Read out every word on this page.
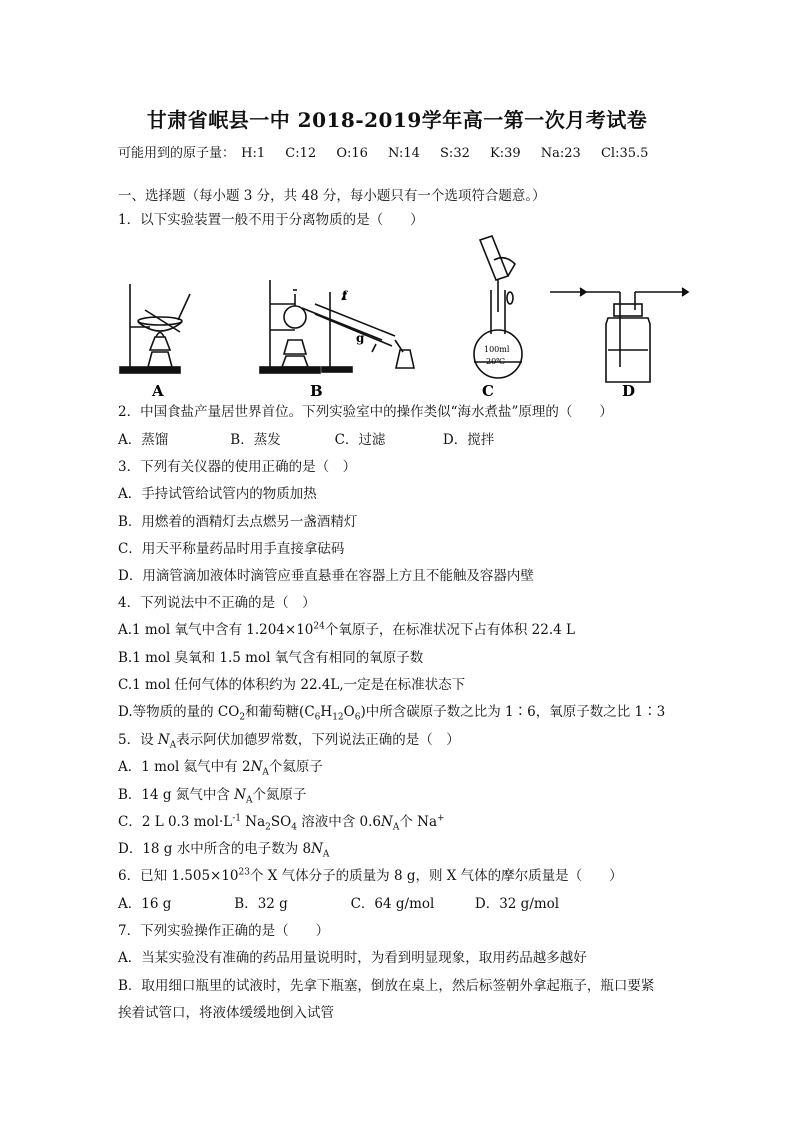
甘肃省岷县一中 2018-2019学年高一第一次月考试卷
可能用到的原子量： H:1 C:12 O:16 N:14 S:32 K:39 Na:23 Cl:35.5
一、选择题（每小题 3 分，共 48 分，每小题只有一个选项符合题意。）
1．以下实验装置一般不用于分离物质的是（　　）
A	B	C	D
f
g
100ml
20℃
2．中国食盐产量居世界首位。下列实验室中的操作类似“海水煮盐”原理的（　　）
A．蒸馏	B．蒸发	C．过滤	D．搅拌
3．下列有关仪器的使用正确的是（　）
A．手持试管给试管内的物质加热
B．用燃着的酒精灯去点燃另一盏酒精灯
C．用天平称量药品时用手直接拿砝码
D．用滴管滴加液体时滴管应垂直悬垂在容器上方且不能触及容器内壁
4．下列说法中不正确的是（　）
A.1 mol 氧气中含有 $1.204\times 10^{24}$个氧原子，在标准状况下占有体积 22.4 L
B.1 mol 臭氧和 1.5 mol 氧气含有相同的氧原子数
C.1 mol 任何气体的体积约为 22.4L,一定是在标准状态下
D.等物质的量的 $CO_2$和葡萄糖$(C_6H_{12}O_6)$中所含碳原子数之比为 1∶6，氧原子数之比 1∶3
5．设 $N_A$表示阿伏加德罗常数，下列说法正确的是（　）
A．1 mol 氦气中有 $2N_A$个氦原子
B．14 g 氮气中含 $N_A$个氮原子
C．2 L 0.3 $mol\cdot L^{-1}$ $Na_2SO_4$ 溶液中含 $0.6N_A$个 Na+
D．18 g 水中所含的电子数为 $8N_A$
6．已知 $1.505\times 10^{23}$个 X 气体分子的质量为 8 g，则 X 气体的摩尔质量是（　　）
A．16 g	B．32 g	C．64 g/mol	D．32 g/mol
7．下列实验操作正确的是（　　）
A．当某实验没有准确的药品用量说明时，为看到明显现象，取用药品越多越好
B．取用细口瓶里的试液时，先拿下瓶塞，倒放在桌上，然后标签朝外拿起瓶子，瓶口要紧
挨着试管口，将液体缓缓地倒入试管
